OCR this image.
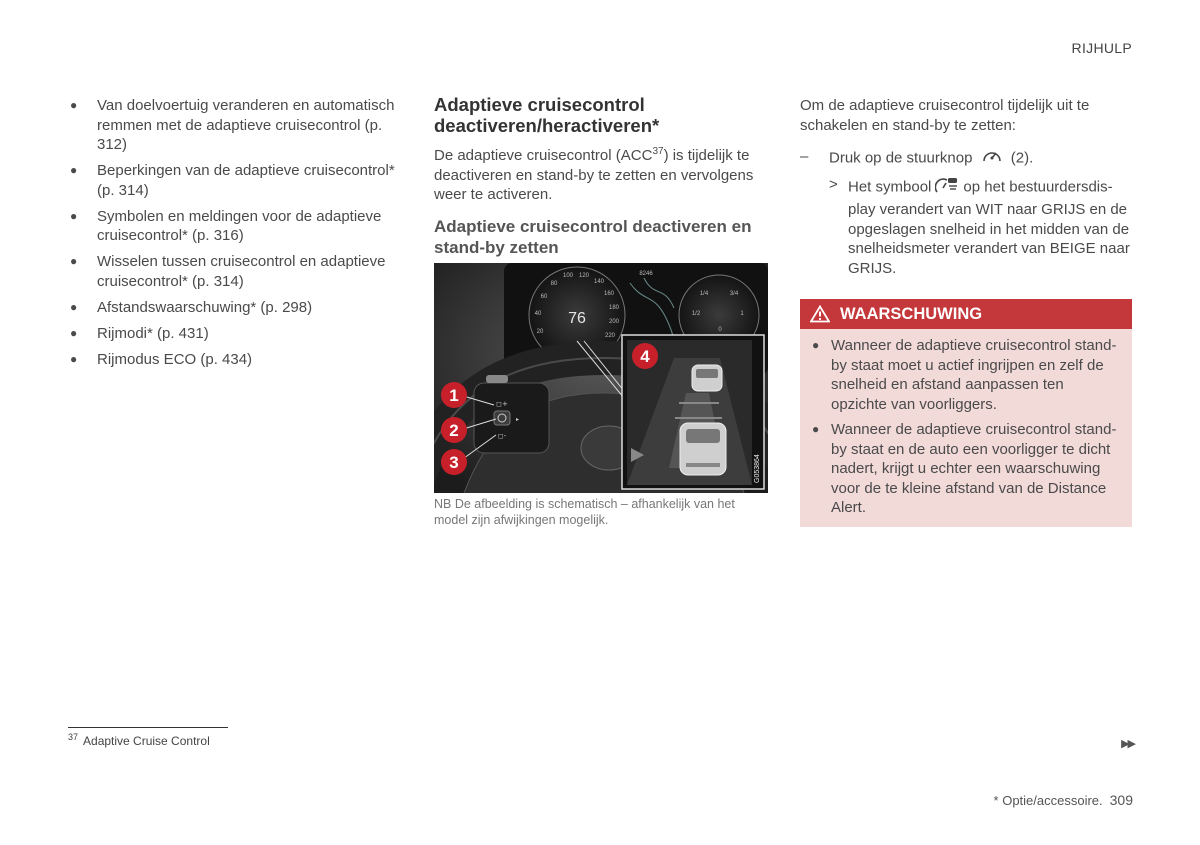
RIJHULP
● Van doelvoertuig veranderen en automatisch remmen met de adaptieve cruisecontrol (p. 312)
● Beperkingen van de adaptieve cruisecontrol* (p. 314)
● Symbolen en meldingen voor de adaptieve cruisecontrol* (p. 316)
● Wisselen tussen cruisecontrol en adaptieve cruisecontrol* (p. 314)
● Afstandswaarschuwing* (p. 298)
● Rijmodi* (p. 431)
● Rijmodus ECO (p. 434)
Adaptieve cruisecontrol deactiveren/heractiveren*

De adaptieve cruisecontrol (ACC$^{37}$) is tijdelijk te deactiveren en stand-by te zetten en vervolgens weer te activeren.

Adaptieve cruisecontrol deactiveren en stand-by zetten
20
40
60
80
100 120
140
160
180
200
220
240
0
1/2	1
1/4	3/4
8246
76
◻+
◻-
▸
1
2
3
4
G053864
NB De afbeelding is schematisch – afhankelijk van het model zijn afwijkingen mogelijk.
Om de adaptieve cruisecontrol tijdelijk uit te schakelen en stand-by te zetten:
– Druk op de stuurknop	(2).
> Het symbool op het bestuurdersdis-play verandert van WIT naar GRIJS en de opgeslagen snelheid in het midden van de snelheidsmeter verandert van BEIGE naar GRIJS.
WAARSCHUWING
● Wanneer de adaptieve cruisecontrol stand-by staat moet u actief ingrijpen en zelf de snelheid en afstand aanpassen ten opzichte van voorliggers.
● Wanneer de adaptieve cruisecontrol stand-by staat en de auto een voorligger te dicht nadert, krijgt u echter een waarschuwing voor de te kleine afstand van de Distance Alert.
$^{37}$ Adaptive Cruise Control	▶▶
* Optie/accessoire. 309
